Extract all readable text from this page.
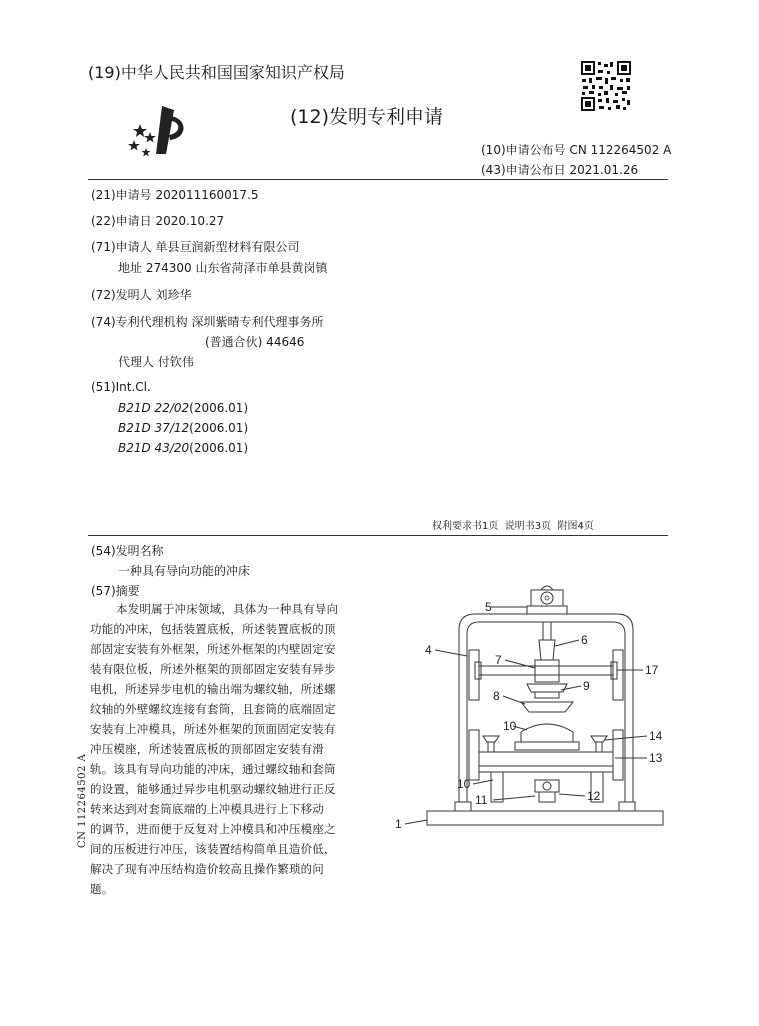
(19)中华人民共和国国家知识产权局
(12)发明专利申请
(10)申请公布号 CN 112264502 A
(43)申请公布日 2021.01.26
(21)申请号 202011160017.5
(22)申请日 2020.10.27
(71)申请人 单县亘润新型材料有限公司
地址 274300 山东省菏泽市单县黄岗镇
(72)发明人 刘珍华
(74)专利代理机构 深圳紫晴专利代理事务所
(普通合伙) 44646
代理人 付钦伟
(51)Int.Cl.
B21D 22/02(2006.01)
B21D 37/12(2006.01)
B21D 43/20(2006.01)
权利要求书1页  说明书3页  附图4页
(54)发明名称
一种具有导向功能的冲床
(57)摘要
本发明属于冲床领域，具体为一种具有导向
功能的冲床，包括装置底板，所述装置底板的顶
部固定安装有外框架，所述外框架的内壁固定安
装有限位板，所述外框架的顶部固定安装有异步
电机，所述异步电机的输出端为螺纹轴，所述螺
纹轴的外壁螺纹连接有套筒，且套筒的底端固定
安装有上冲模具，所述外框架的顶面固定安装有
冲压模座，所述装置底板的顶部固定安装有滑
轨。该具有导向功能的冲床，通过螺纹轴和套筒
的设置，能够通过异步电机驱动螺纹轴进行正反
转来达到对套筒底端的上冲模具进行上下移动
的调节，进而便于反复对上冲模具和冲压模座之
间的压板进行冲压，该装置结构简单且造价低，
解决了现有冲压结构造价较高且操作繁琐的问
题。
5
6
4
7
17
9
8
10
14
13
10
11	12
1
CN 112264502 A
